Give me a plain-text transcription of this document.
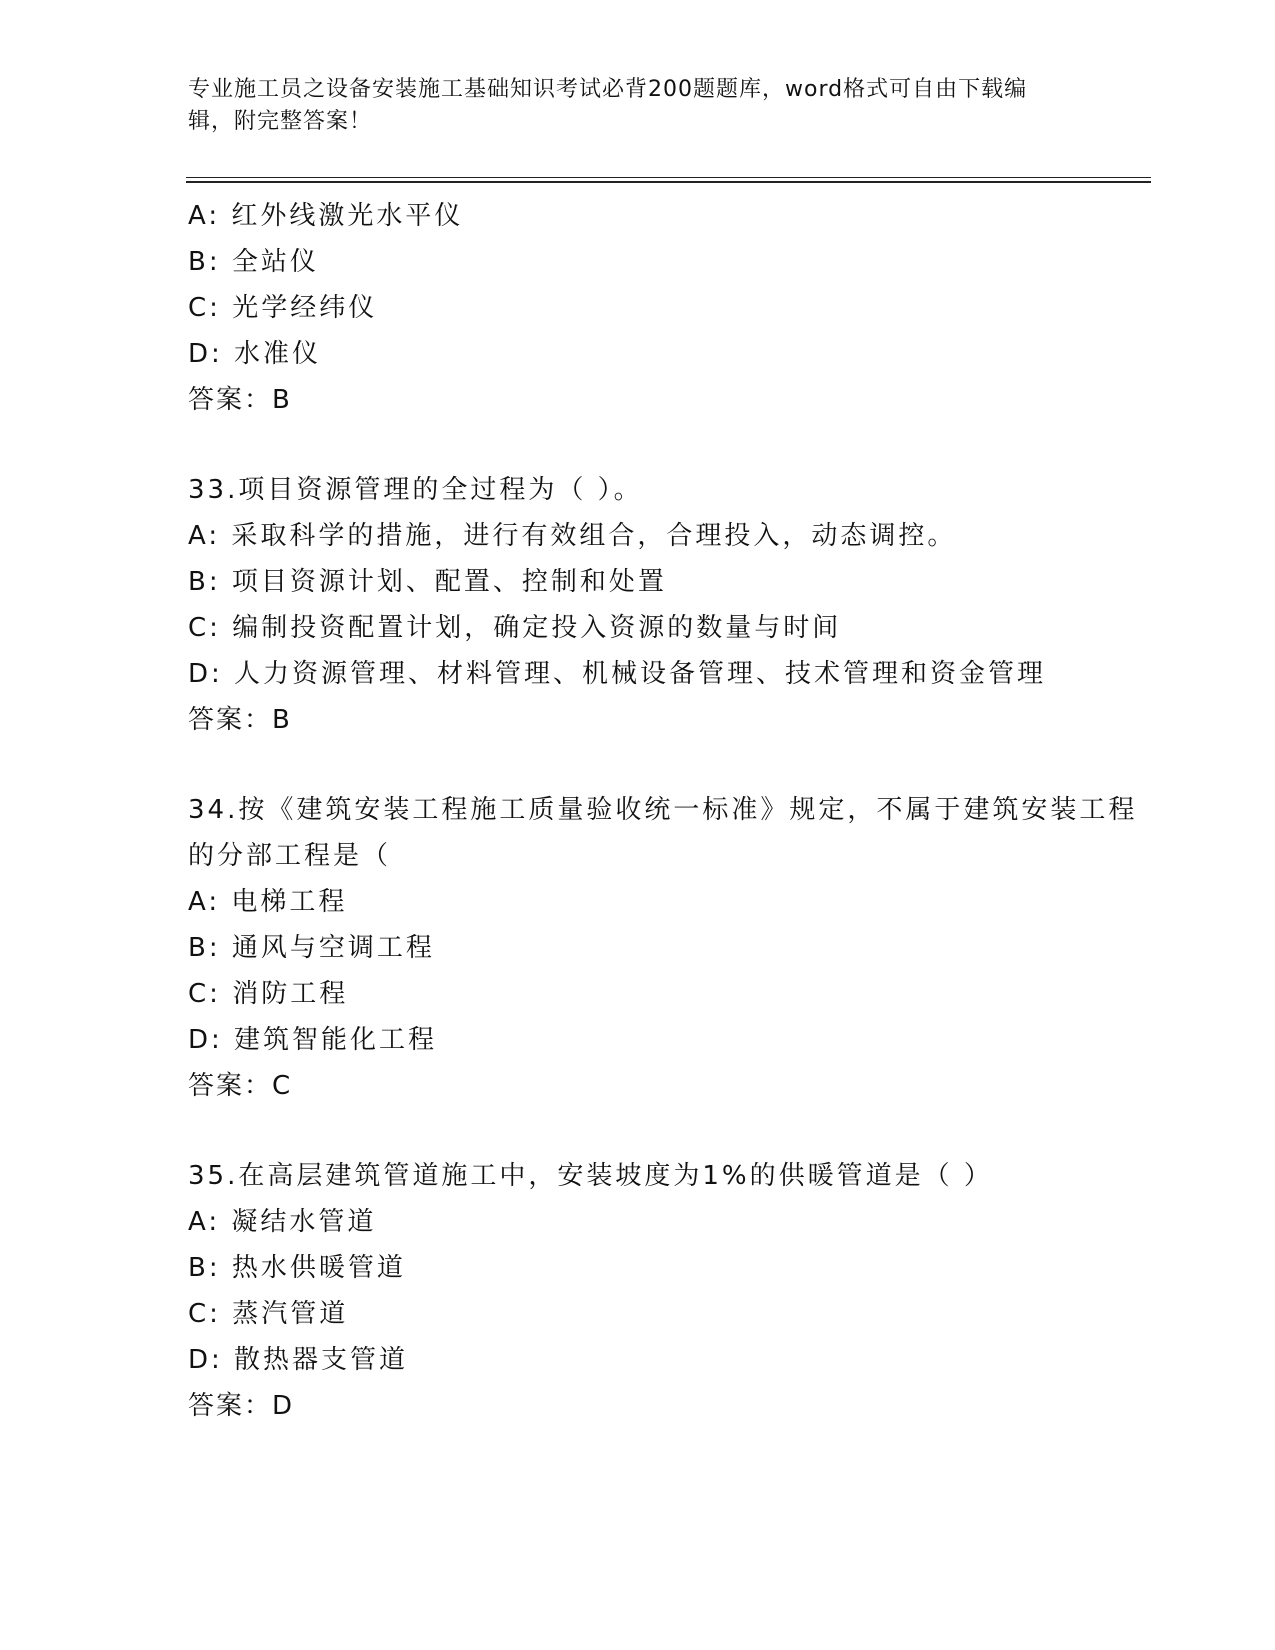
专业施工员之设备安装施工基础知识考试必背200题题库，word格式可自由下载编辑，附完整答案！
A: 红外线激光水平仪
B: 全站仪
C: 光学经纬仪
D: 水准仪
答案：B
33.项目资源管理的全过程为（ ）。
A: 采取科学的措施，进行有效组合，合理投入，动态调控。
B: 项目资源计划、配置、控制和处置
C: 编制投资配置计划，确定投入资源的数量与时间
D: 人力资源管理、材料管理、机械设备管理、技术管理和资金管理
答案：B
34.按《建筑安装工程施工质量验收统一标准》规定，不属于建筑安装工程的分部工程是（
A: 电梯工程
B: 通风与空调工程
C: 消防工程
D: 建筑智能化工程
答案：C
35.在高层建筑管道施工中，安装坡度为1%的供暖管道是（ ）
A: 凝结水管道
B: 热水供暖管道
C: 蒸汽管道
D: 散热器支管道
答案：D
